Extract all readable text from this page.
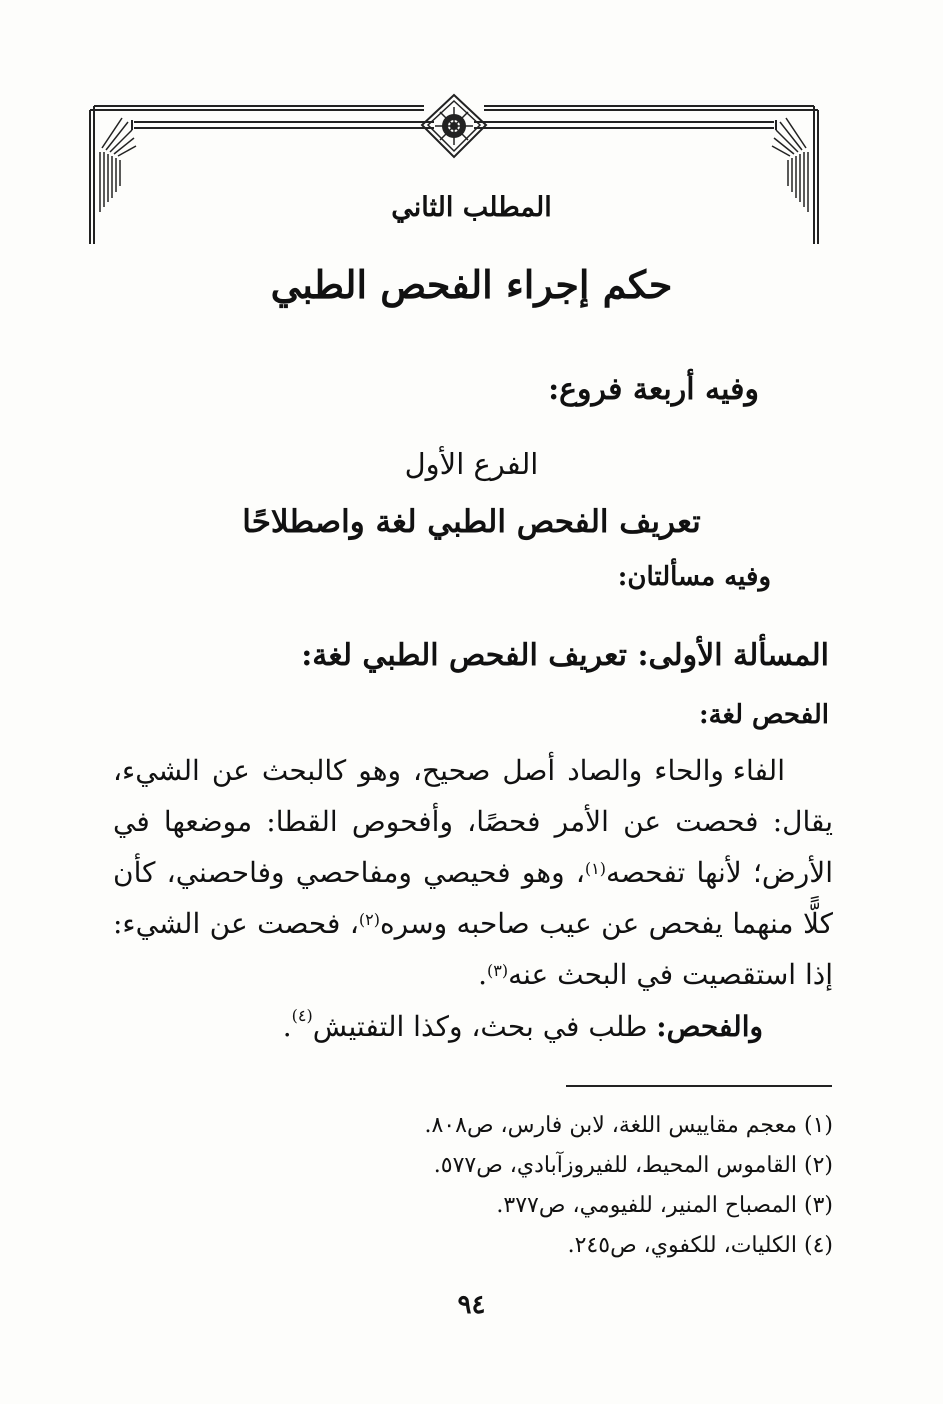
المطلب الثاني
حكم إجراء الفحص الطبي
وفيه أربعة فروع:
الفرع الأول
تعريف الفحص الطبي لغة واصطلاحًا
وفيه مسألتان:
المسألة الأولى: تعريف الفحص الطبي لغة:
الفحص لغة:

الفاء والحاء والصاد أصل صحيح، وهو كالبحث عن الشيء، يقال: فحصت عن الأمر فحصًا، وأفحوص القطا: موضعها في الأرض؛ لأنها تفحصه$^{(١)}$، وهو فحيصي ومفاحصي وفاحصني، كأن كلًّا منهما يفحص عن عيب صاحبه وسره$^{(٢)}$، فحصت عن الشيء: إذا استقصيت في البحث عنه$^{(٣)}$.

والفحص: طلب في بحث، وكذا التفتيش$^{(٤)}$.
(١) معجم مقاييس اللغة، لابن فارس، ص٨٠٨.
(٢) القاموس المحيط، للفيروزآبادي، ص٥٧٧.
(٣) المصباح المنير، للفيومي، ص٣٧٧.
(٤) الكليات، للكفوي، ص٢٤٥.
٩٤
